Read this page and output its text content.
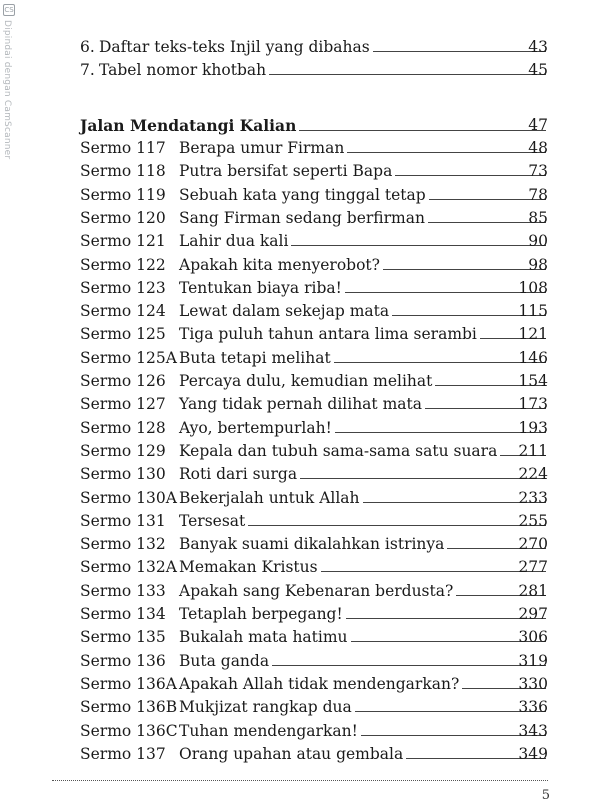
CS
Dipindai dengan CamScanner	6. Daftar teks-teks Injil yang dibahas	43
7. Tabel nomor khotbah	45
Jalan Mendatangi Kalian	47
Sermo 117 Berapa umur Firman	48
Sermo 118 Putra bersifat seperti Bapa	73
Sermo 119 Sebuah kata yang tinggal tetap	78
Sermo 120 Sang Firman sedang berfirman	85
Sermo 121 Lahir dua kali	90
Sermo 122 Apakah kita menyerobot?	98
Sermo 123 Tentukan biaya riba!	108
Sermo 124 Lewat dalam sekejap mata	115
Sermo 125 Tiga puluh tahun antara lima serambi	121
Sermo 125A Buta tetapi melihat	146
Sermo 126 Percaya dulu, kemudian melihat	154
Sermo 127 Yang tidak pernah dilihat mata	173
Sermo 128 Ayo, bertempurlah!	193
Sermo 129 Kepala dan tubuh sama-sama satu suara 211
Sermo 130 Roti dari surga	224
Sermo 130A Bekerjalah untuk Allah	233
Sermo 131 Tersesat	255
Sermo 132 Banyak suami dikalahkan istrinya	270
Sermo 132A Memakan Kristus	277
Sermo 133 Apakah sang Kebenaran berdusta?	281
Sermo 134 Tetaplah berpegang!	297
Sermo 135 Bukalah mata hatimu	306
Sermo 136 Buta ganda	319
Sermo 136A Apakah Allah tidak mendengarkan?	330
Sermo 136B Mukjizat rangkap dua	336
Sermo 136C Tuhan mendengarkan!	343
Sermo 137 Orang upahan atau gembala	349
5
